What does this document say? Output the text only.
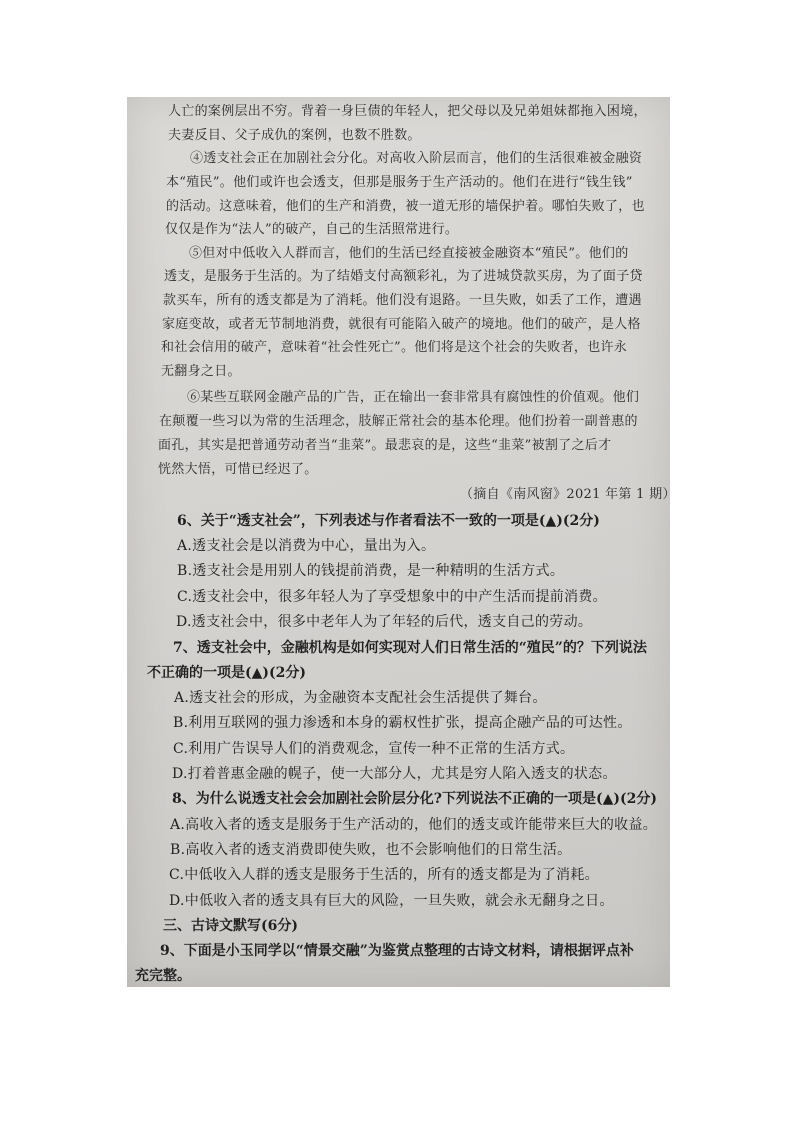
人亡的案例层出不穷。背着一身巨债的年轻人，把父母以及兄弟姐妹都拖入困境，
夫妻反目、父子成仇的案例，也数不胜数。
④透支社会正在加剧社会分化。对高收入阶层而言，他们的生活很难被金融资
本“殖民”。他们或许也会透支，但那是服务于生产活动的。他们在进行“钱生钱”
的活动。这意味着，他们的生产和消费，被一道无形的墙保护着。哪怕失败了，也
仅仅是作为“法人”的破产，自己的生活照常进行。
⑤但对中低收入人群而言，他们的生活已经直接被金融资本“殖民”。他们的
透支，是服务于生活的。为了结婚支付高额彩礼，为了进城贷款买房，为了面子贷
款买车，所有的透支都是为了消耗。他们没有退路。一旦失败，如丢了工作，遭遇
家庭变故，或者无节制地消费，就很有可能陷入破产的境地。他们的破产，是人格
和社会信用的破产，意味着“社会性死亡”。他们将是这个社会的失败者，也许永
无翻身之日。
⑥某些互联网金融产品的广告，正在输出一套非常具有腐蚀性的价值观。他们
在颠覆一些习以为常的生活理念，肢解正常社会的基本伦理。他们扮着一副普惠的
面孔，其实是把普通劳动者当“韭菜”。最悲哀的是，这些“韭菜”被割了之后才
恍然大悟，可惜已经迟了。
（摘自《南风窗》2021 年第 1 期）
6、关于“透支社会”，下列表述与作者看法不一致的一项是(▲)(2分)
A.透支社会是以消费为中心，量出为入。
B.透支社会是用别人的钱提前消费，是一种精明的生活方式。
C.透支社会中，很多年轻人为了享受想象中的中产生活而提前消费。
D.透支社会中，很多中老年人为了年轻的后代，透支自己的劳动。
7、透支社会中，金融机构是如何实现对人们日常生活的“殖民”的？下列说法
不正确的一项是(▲)(2分)
A.透支社会的形成，为金融资本支配社会生活提供了舞台。
B.利用互联网的强力渗透和本身的霸权性扩张，提高企融产品的可达性。
C.利用广告误导人们的消费观念，宣传一种不正常的生活方式。
D.打着普惠金融的幌子，使一大部分人，尤其是穷人陷入透支的状态。
8、为什么说透支社会会加剧社会阶层分化?下列说法不正确的一项是(▲)(2分)
A.高收入者的透支是服务于生产活动的，他们的透支或许能带来巨大的收益。
B.高收入者的透支消费即使失败，也不会影响他们的日常生活。
C.中低收入人群的透支是服务于生活的，所有的透支都是为了消耗。
D.中低收入者的透支具有巨大的风险，一旦失败，就会永无翻身之日。
三、古诗文默写(6分)
9、下面是小玉同学以“情景交融”为鉴赏点整理的古诗文材料，请根据评点补
充完整。
